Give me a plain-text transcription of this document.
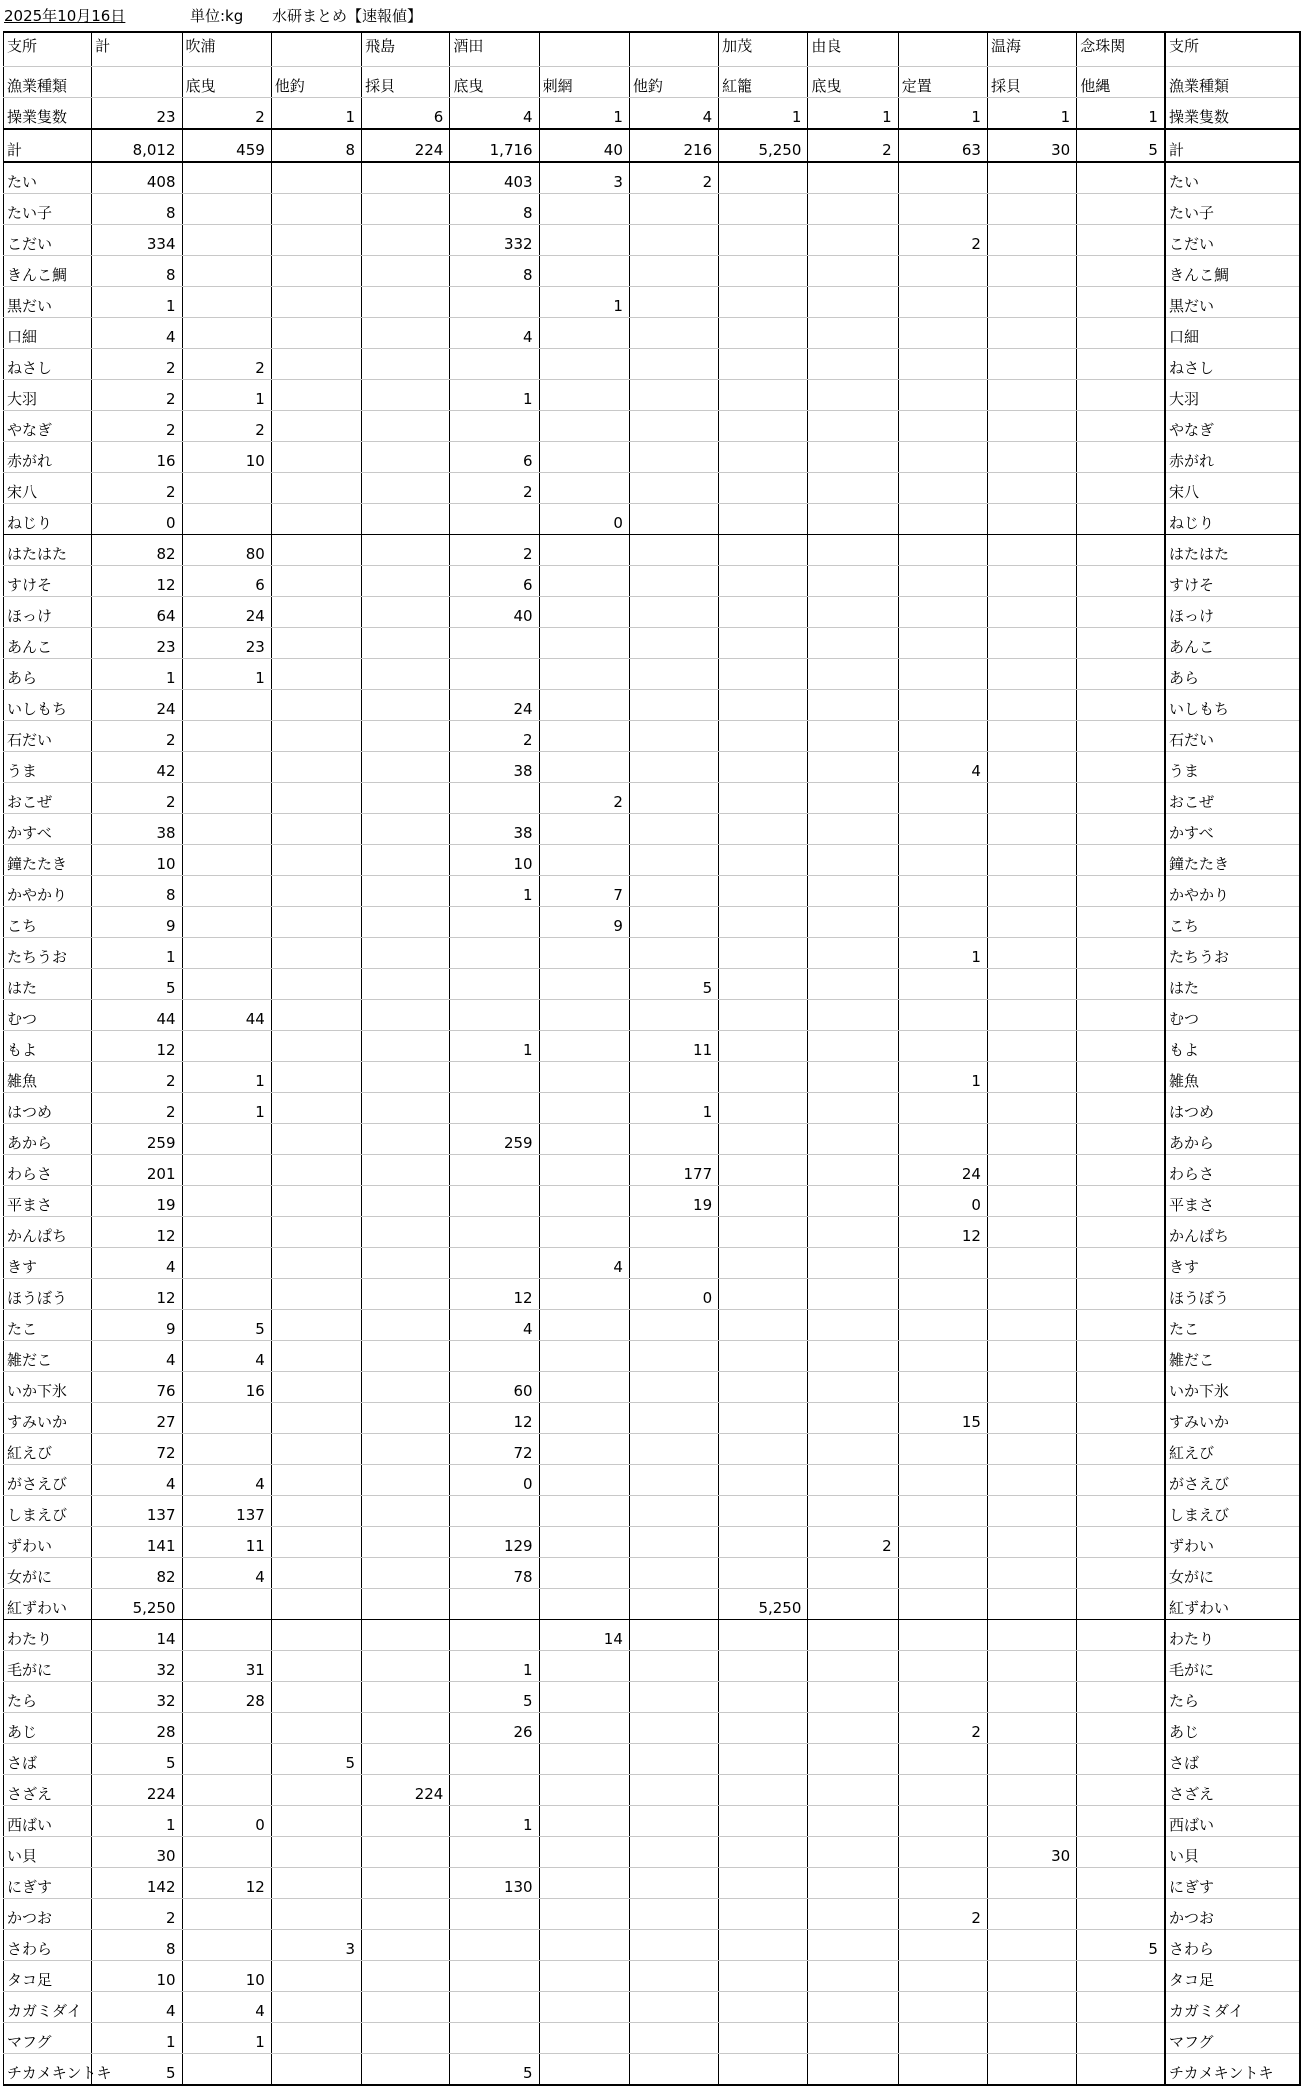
2025年10月16日	単位:kg 水研まとめ【速報値】
支所	計	吹浦		飛島	酒田			加茂	由良		温海	念珠関	支所
漁業種類		底曳	他釣	採貝	底曳	刺網	他釣	紅籠	底曳	定置	採貝	他縄	漁業種類
操業隻数	23	2	1	6	4	1	4	1	1	1	1	1	操業隻数
計	8,012	459	8	224	1,716	40	216	5,250	2	63	30	5	計
たい	408				403	3	2						たい
たい子	8				8								たい子
こだい	334				332					2			こだい
きんこ鯛	8				8								きんこ鯛
黒だい	1					1							黒だい
口細	4				4								口細
ねさし	2	2											ねさし
大羽	2	1			1								大羽
やなぎ	2	2											やなぎ
赤がれ	16	10			6								赤がれ
宋八	2				2								宋八
ねじり	0					0							ねじり
はたはた	82	80			2								はたはた
すけそ	12	6			6								すけそ
ほっけ	64	24			40								ほっけ
あんこ	23	23											あんこ
あら	1	1											あら
いしもち	24				24								いしもち
石だい	2				2								石だい
うま	42				38					4			うま
おこぜ	2					2							おこぜ
かすべ	38				38								かすべ
鐘たたき	10				10								鐘たたき
かやかり	8				1	7							かやかり
こち	9					9							こち
たちうお	1									1			たちうお
はた	5						5						はた
むつ	44	44											むつ
もよ	12				1		11						もよ
雑魚	2	1								1			雑魚
はつめ	2	1					1						はつめ
あから	259				259								あから
わらさ	201						177			24			わらさ
平まさ	19						19			0			平まさ
かんぱち	12									12			かんぱち
きす	4					4							きす
ほうぼう	12				12		0						ほうぼう
たこ	9	5			4								たこ
雑だこ	4	4											雑だこ
いか下氷	76	16			60								いか下氷
すみいか	27				12					15			すみいか
紅えび	72				72								紅えび
がさえび	4	4			0								がさえび
しまえび	137	137											しまえび
ずわい	141	11			129				2				ずわい
女がに	82	4			78								女がに
紅ずわい	5,250							5,250					紅ずわい
わたり	14					14							わたり
毛がに	32	31			1								毛がに
たら	32	28			5								たら
あじ	28				26					2			あじ
さば	5		5										さば
さざえ	224			224									さざえ
西ばい	1	0			1								西ばい
い貝	30										30		い貝
にぎす	142	12			130								にぎす
かつお	2									2			かつお
さわら	8		3									5	さわら
タコ足	10	10											タコ足
カガミダイ	4	4											カガミダイ
マフグ	1	1											マフグ
チカメキントキ	5				5								チカメキントキ
